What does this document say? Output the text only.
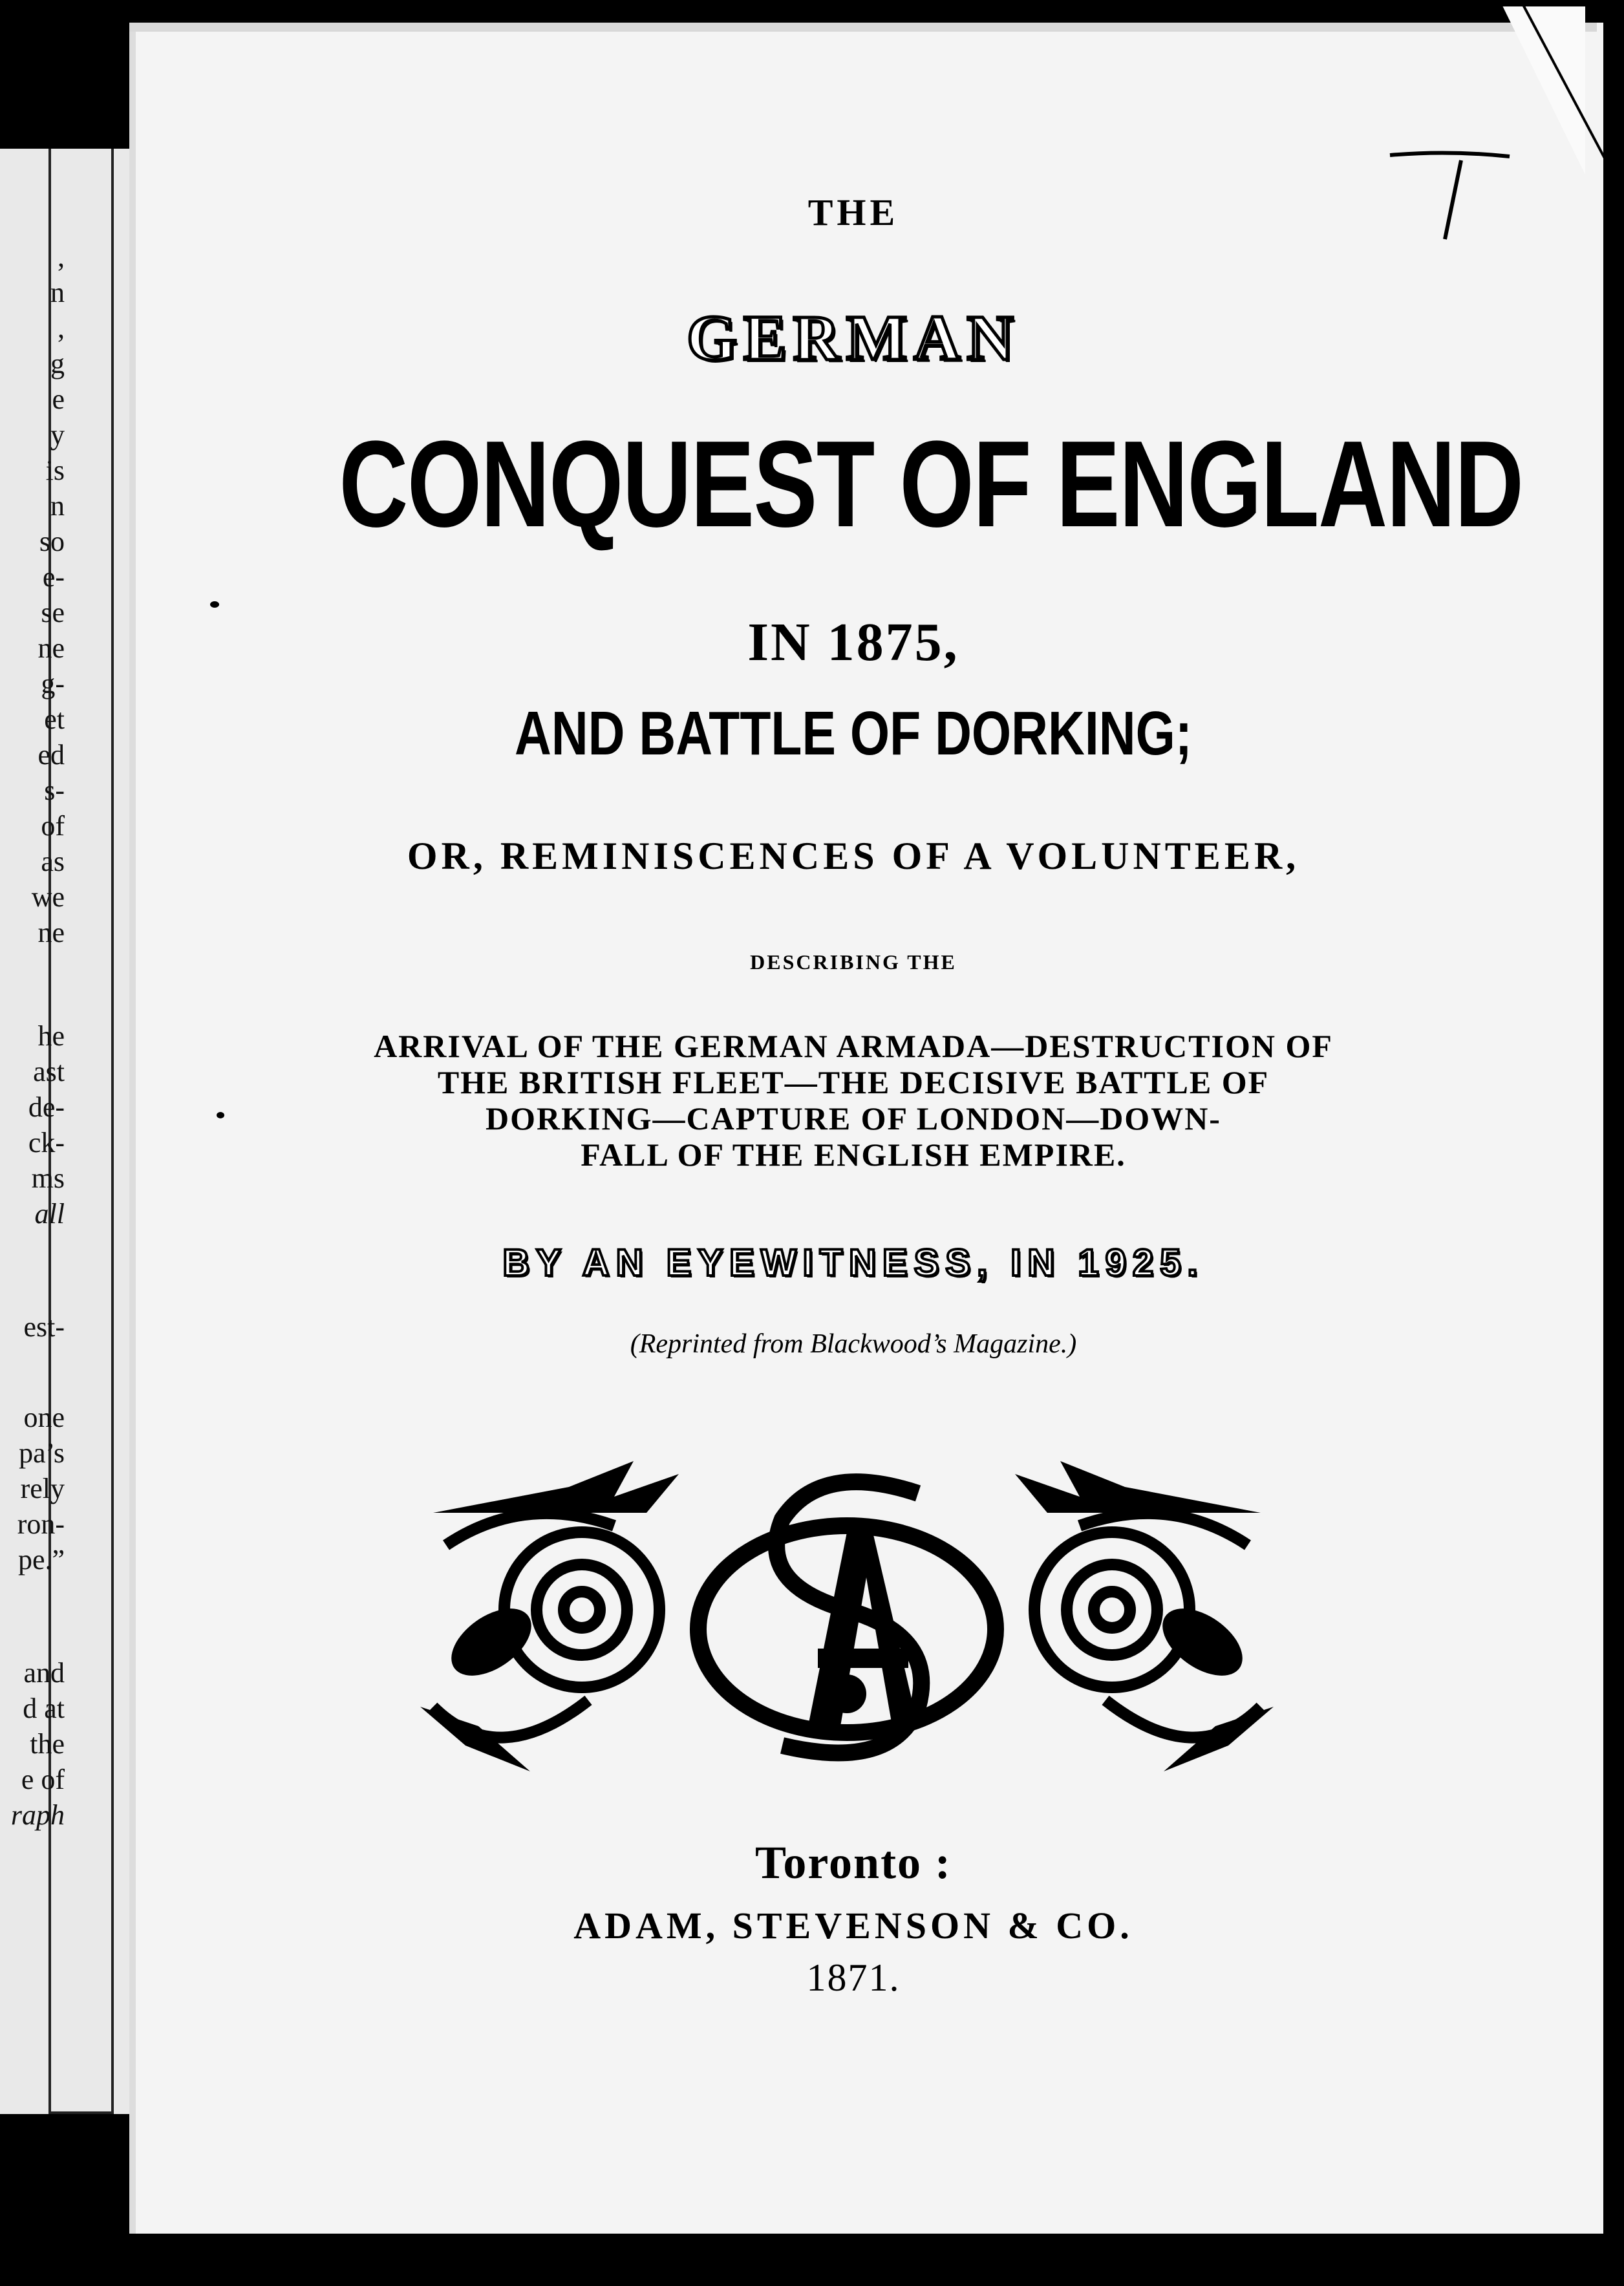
,
n
,
g
e
y
is
n
so
e-
se
ne
g-
et
ed
s-
of
as
we
ne
he
ast
de-
ck-
ms
all
est-
one
pa’s
rely
ron-
pe.”
and
d at
the
e of
raph
THE
GERMAN
CONQUEST OF ENGLAND
IN 1875,
AND BATTLE OF DORKING;
OR, REMINISCENCES OF A VOLUNTEER,
DESCRIBING THE
ARRIVAL OF THE GERMAN ARMADA—DESTRUCTION OF
THE BRITISH FLEET—THE DECISIVE BATTLE OF
DORKING—CAPTURE OF LONDON—DOWN-
FALL OF THE ENGLISH EMPIRE.
BY AN EYEWITNESS, IN 1925.
(Reprinted from Blackwood’s Magazine.)
Toronto :
ADAM, STEVENSON & CO.
1871.
